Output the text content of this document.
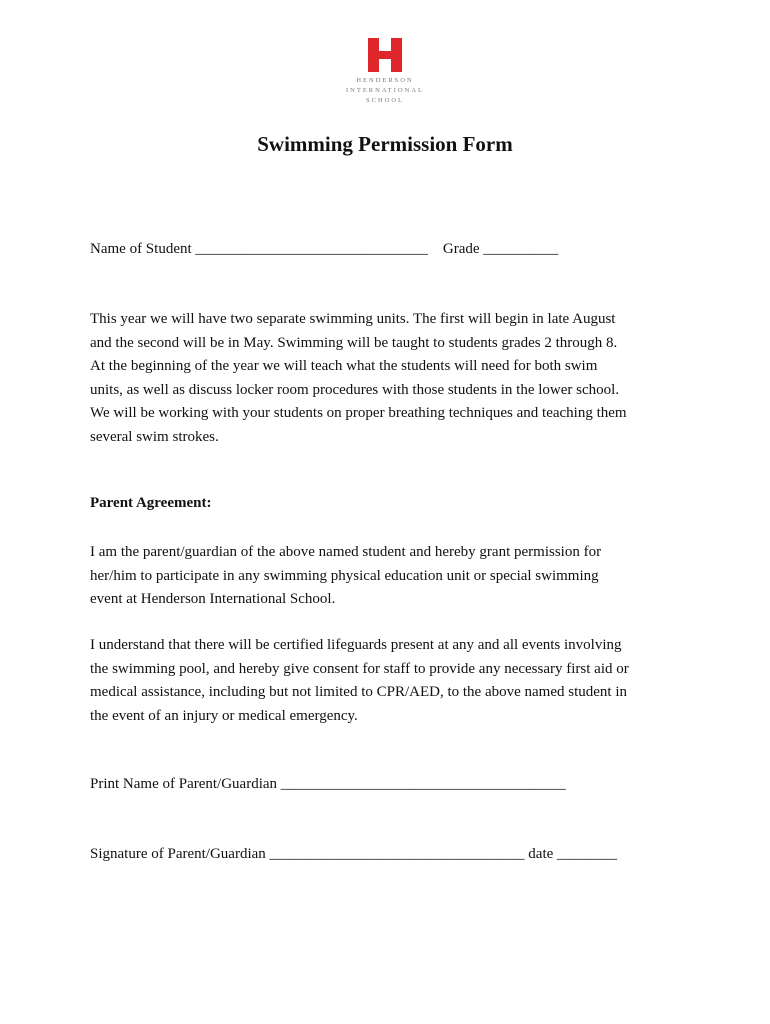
HENDERSON
INTERNATIONAL
SCHOOL
Swimming Permission Form

Name of Student _______________________________    Grade __________

This year we will have two separate swimming units. The first will begin in late August
and the second will be in May. Swimming will be taught to students grades 2 through 8.
At the beginning of the year we will teach what the students will need for both swim
units, as well as discuss locker room procedures with those students in the lower school.
We will be working with your students on proper breathing techniques and teaching them
several swim strokes.

Parent Agreement:

I am the parent/guardian of the above named student and hereby grant permission for
her/him to participate in any swimming physical education unit or special swimming
event at Henderson International School.
I understand that there will be certified lifeguards present at any and all events involving
the swimming pool, and hereby give consent for staff to provide any necessary first aid or
medical assistance, including but not limited to CPR/AED, to the above named student in
the event of an injury or medical emergency.

Print Name of Parent/Guardian ______________________________________

Signature of Parent/Guardian __________________________________ date ________
